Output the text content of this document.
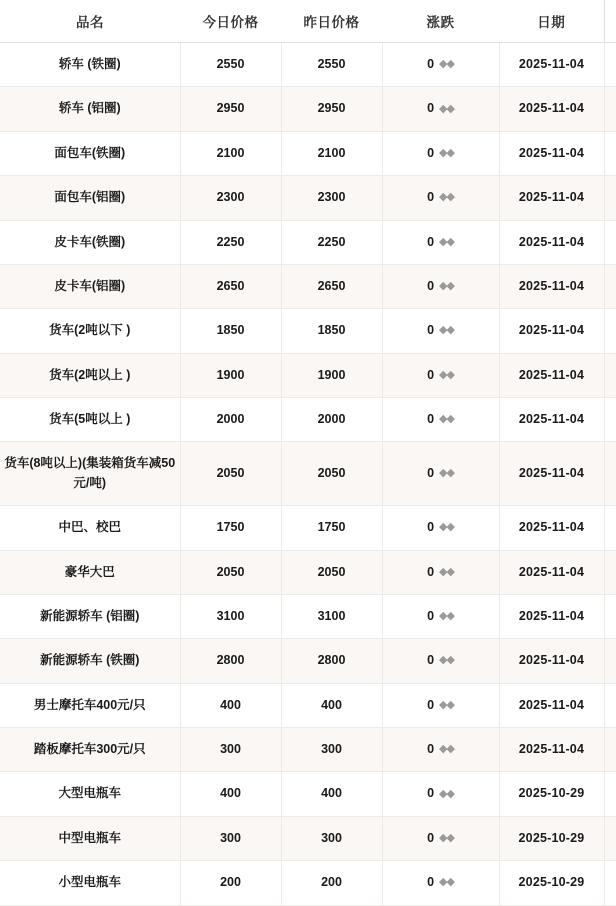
品名	今日价格	昨日价格	涨跌	日期	
轿车 (铁圈)	2550	2550	0 ◆◆	2025-11-04	
轿车 (铝圈)	2950	2950	0 ◆◆	2025-11-04	
面包车(铁圈)	2100	2100	0 ◆◆	2025-11-04	
面包车(铝圈)	2300	2300	0 ◆◆	2025-11-04	
皮卡车(铁圈)	2250	2250	0 ◆◆	2025-11-04	
皮卡车(铝圈)	2650	2650	0 ◆◆	2025-11-04	
货车(2吨以下 )	1850	1850	0 ◆◆	2025-11-04	
货车(2吨以上 )	1900	1900	0 ◆◆	2025-11-04	
货车(5吨以上 )	2000	2000	0 ◆◆	2025-11-04	
货车(8吨以上)(集装箱货车减50元/吨)	2050	2050	0 ◆◆	2025-11-04	
中巴、校巴	1750	1750	0 ◆◆	2025-11-04	
豪华大巴	2050	2050	0 ◆◆	2025-11-04	
新能源轿车 (铝圈)	3100	3100	0 ◆◆	2025-11-04	
新能源轿车 (铁圈)	2800	2800	0 ◆◆	2025-11-04	
男士摩托车400元/只	400	400	0 ◆◆	2025-11-04	
踏板摩托车300元/只	300	300	0 ◆◆	2025-11-04	
大型电瓶车	400	400	0 ◆◆	2025-10-29	
中型电瓶车	300	300	0 ◆◆	2025-10-29	
小型电瓶车	200	200	0 ◆◆	2025-10-29	
